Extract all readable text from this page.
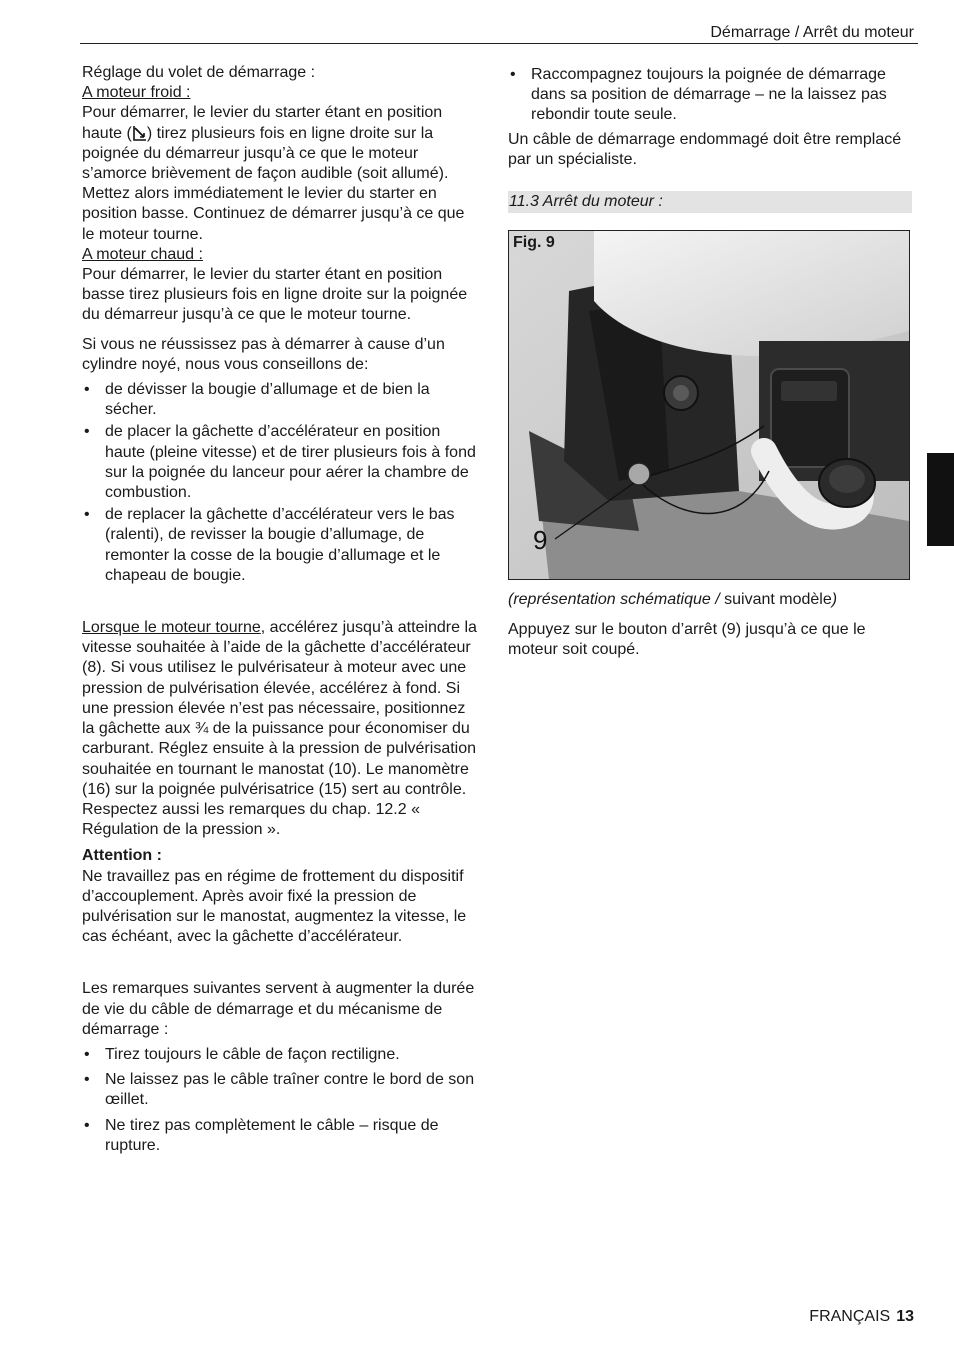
Démarrage / Arrêt du moteur

Réglage du volet de démarrage :

A moteur froid :

Pour démarrer, le levier du starter étant en position haute ( ) tirez plusieurs fois en ligne droite sur la poignée du démarreur jusqu’à ce que le moteur s’amorce brièvement de façon audible (soit allumé).

Mettez alors immédiatement le levier du starter en position basse. Continuez de démarrer jusqu’à ce que le moteur tourne.

A moteur chaud :

Pour démarrer, le levier du starter étant en position basse tirez plusieurs fois en ligne droite sur la poignée du démarreur jusqu’à ce que le moteur tourne.

Si vous ne réussissez pas à démarrer à cause d’un cylindre noyé, nous vous conseillons de:

• de dévisser la bougie d’allumage et de bien la sécher.
• de placer la gâchette d’accélérateur en position haute (pleine vitesse) et de tirer plusieurs fois à fond sur la poignée du lanceur pour aérer la chambre de combustion.
• de replacer la gâchette d’accélérateur vers le bas (ralenti), de revisser la bougie d’allumage, de remonter la cosse de la bougie d’allumage et le chapeau de bougie.

Lorsque le moteur tourne, accélérez jusqu’à atteindre la vitesse souhaitée à l’aide de la gâchette d’accélérateur (8). Si vous utilisez le pulvérisateur à moteur avec une pression de pulvérisation élevée, accélérez à fond. Si une pression élevée n’est pas nécessaire, positionnez la gâchette aux ¾ de la puissance pour économiser du carburant. Réglez ensuite à la pression de pulvérisation souhaitée en tournant le manostat (10). Le manomètre (16) sur la poignée pulvérisatrice (15) sert au contrôle.

Respectez aussi les remarques du chap. 12.2 « Régulation de la pression ».

Attention :

Ne travaillez pas en régime de frottement du dispositif d’accouplement. Après avoir fixé la pression de pulvérisation sur le manostat, augmentez la vitesse, le cas échéant, avec la gâchette d’accélérateur.

Les remarques suivantes servent à augmenter la durée de vie du câble de démarrage et du mécanisme de démarrage :

• Tirez toujours le câble de façon rectiligne.
• Ne laissez pas le câble traîner contre le bord de son œillet.
• Ne tirez pas complètement le câble – risque de rupture.
• Raccompagnez toujours la poignée de démarrage dans sa position de démarrage – ne la laissez pas rebondir toute seule.

Un câble de démarrage endommagé doit être remplacé par un spécialiste.

11.3 Arrêt du moteur :
Fig. 9
9

(représentation schématique / suivant modèle)

Appuyez sur le bouton d’arrêt (9) jusqu’à ce que le moteur soit coupé.

FRANÇAIS 13
